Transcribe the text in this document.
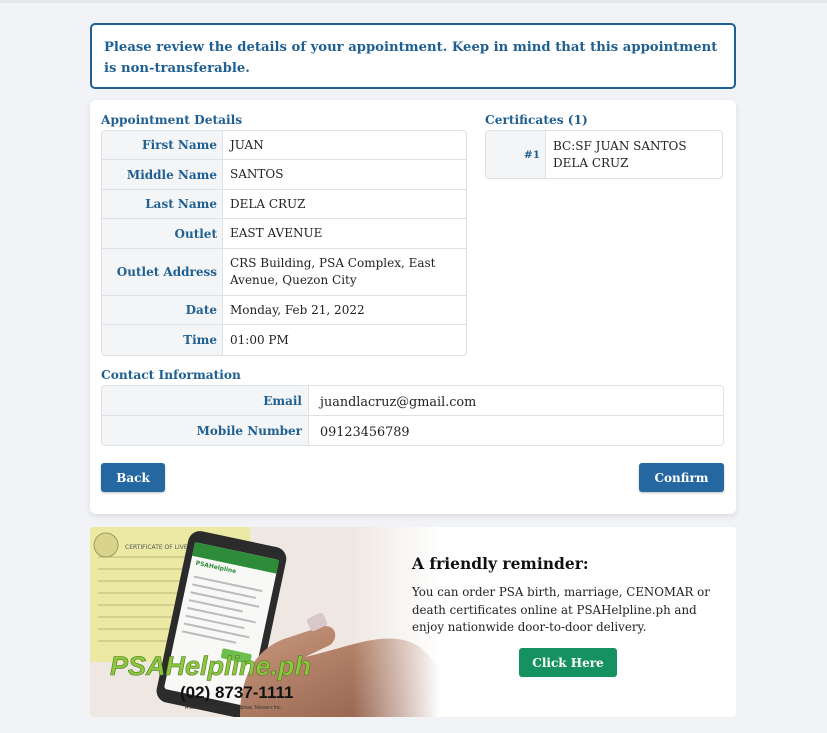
Please review the details of your appointment. Keep in mind that this appointment is non-transferable.
Appointment Details
First Name	JUAN
Middle Name	SANTOS
Last Name	DELA CRUZ
Outlet	EAST AVENUE
Outlet Address	CRS Building, PSA Complex, East Avenue, Quezon City
Date	Monday, Feb 21, 2022
Time	01:00 PM
Certificates (1)
#1	BC:SF JUAN SANTOS DELA CRUZ
Contact Information
Email	juandlacruz@gmail.com
Mobile Number	09123456789
Back	Confirm
PSAHelpline.ph
(02) 8737-1111
A service provided by Pilipinas Teleserv Inc.
A friendly reminder:
You can order PSA birth, marriage, CENOMAR or death certificates online at PSAHelpline.ph and enjoy nationwide door-to-door delivery.
Click Here
